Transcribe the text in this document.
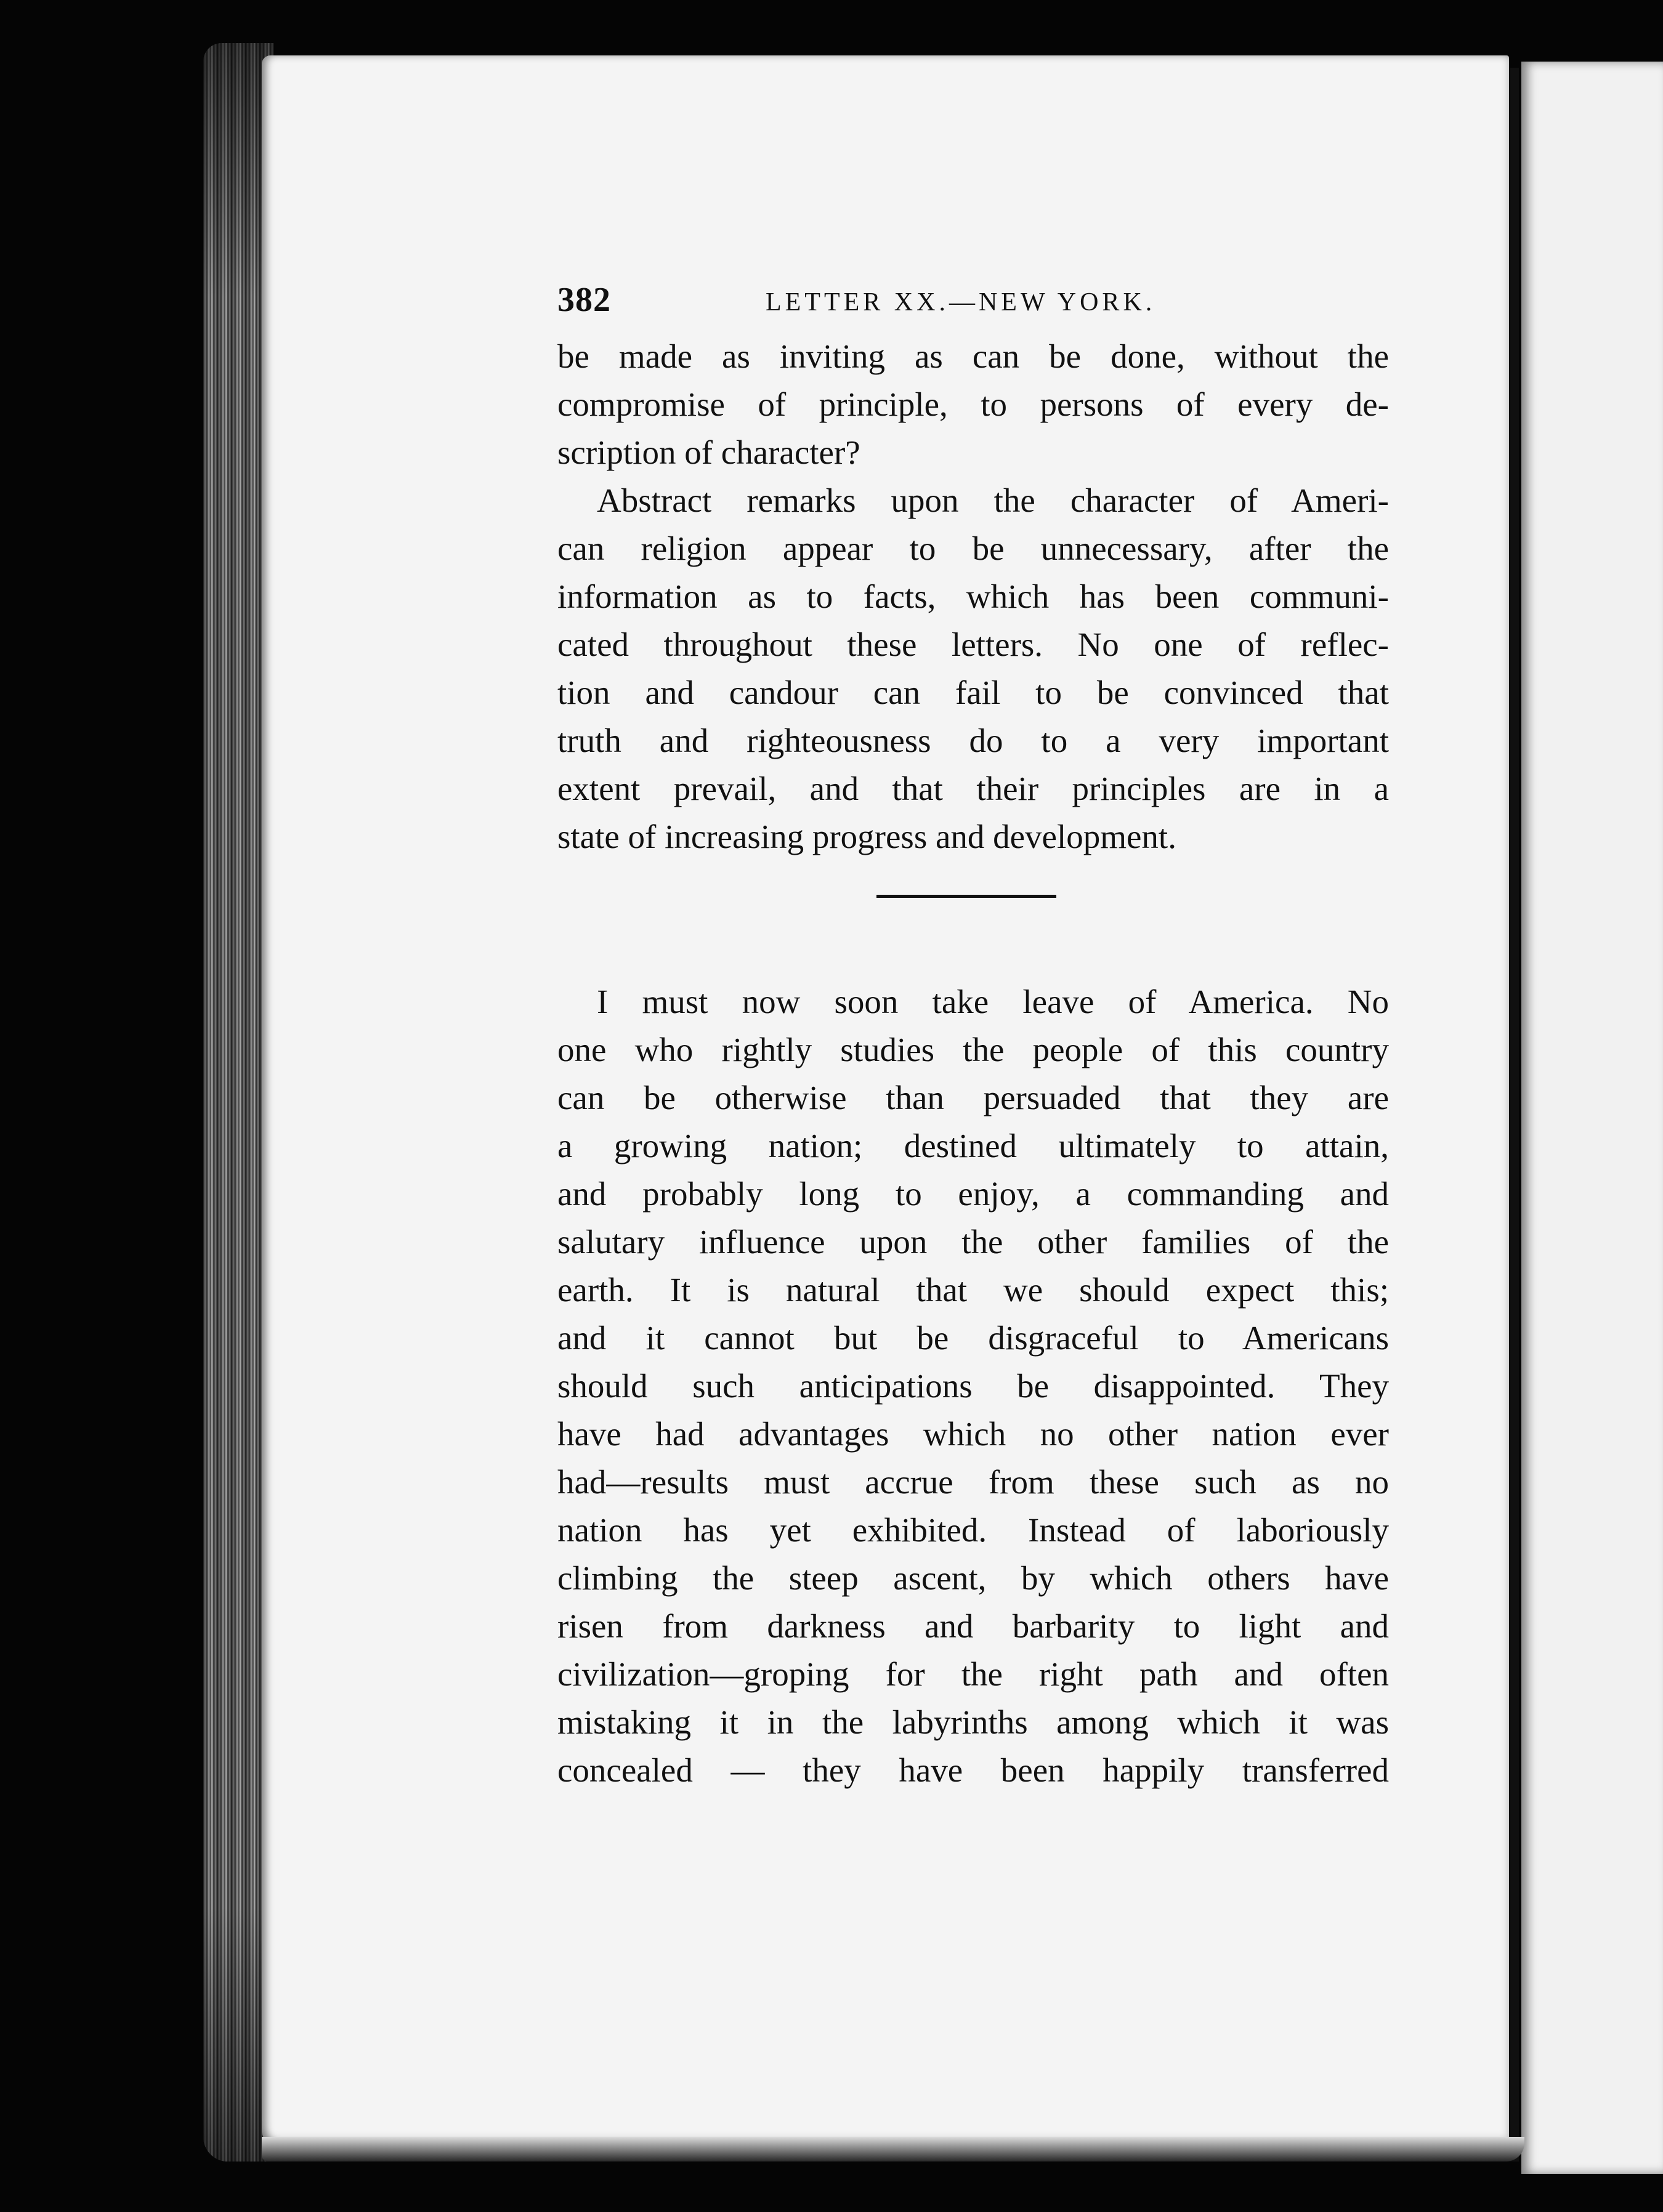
382	LETTER XX.—NEW YORK.
be made as inviting as can be done, without the
compromise of principle, to persons of every de-
scription of character?
Abstract remarks upon the character of Ameri-
can religion appear to be unnecessary, after the
information as to facts, which has been communi-
cated throughout these letters. No one of reflec-
tion and candour can fail to be convinced that
truth and righteousness do to a very important
extent prevail, and that their principles are in a
state of increasing progress and development.
I must now soon take leave of America. No
one who rightly studies the people of this country
can be otherwise than persuaded that they are
a growing nation; destined ultimately to attain,
and probably long to enjoy, a commanding and
salutary influence upon the other families of the
earth. It is natural that we should expect this;
and it cannot but be disgraceful to Americans
should such anticipations be disappointed. They
have had advantages which no other nation ever
had—results must accrue from these such as no
nation has yet exhibited. Instead of laboriously
climbing the steep ascent, by which others have
risen from darkness and barbarity to light and
civilization—groping for the right path and often
mistaking it in the labyrinths among which it was
concealed — they have been happily transferred
